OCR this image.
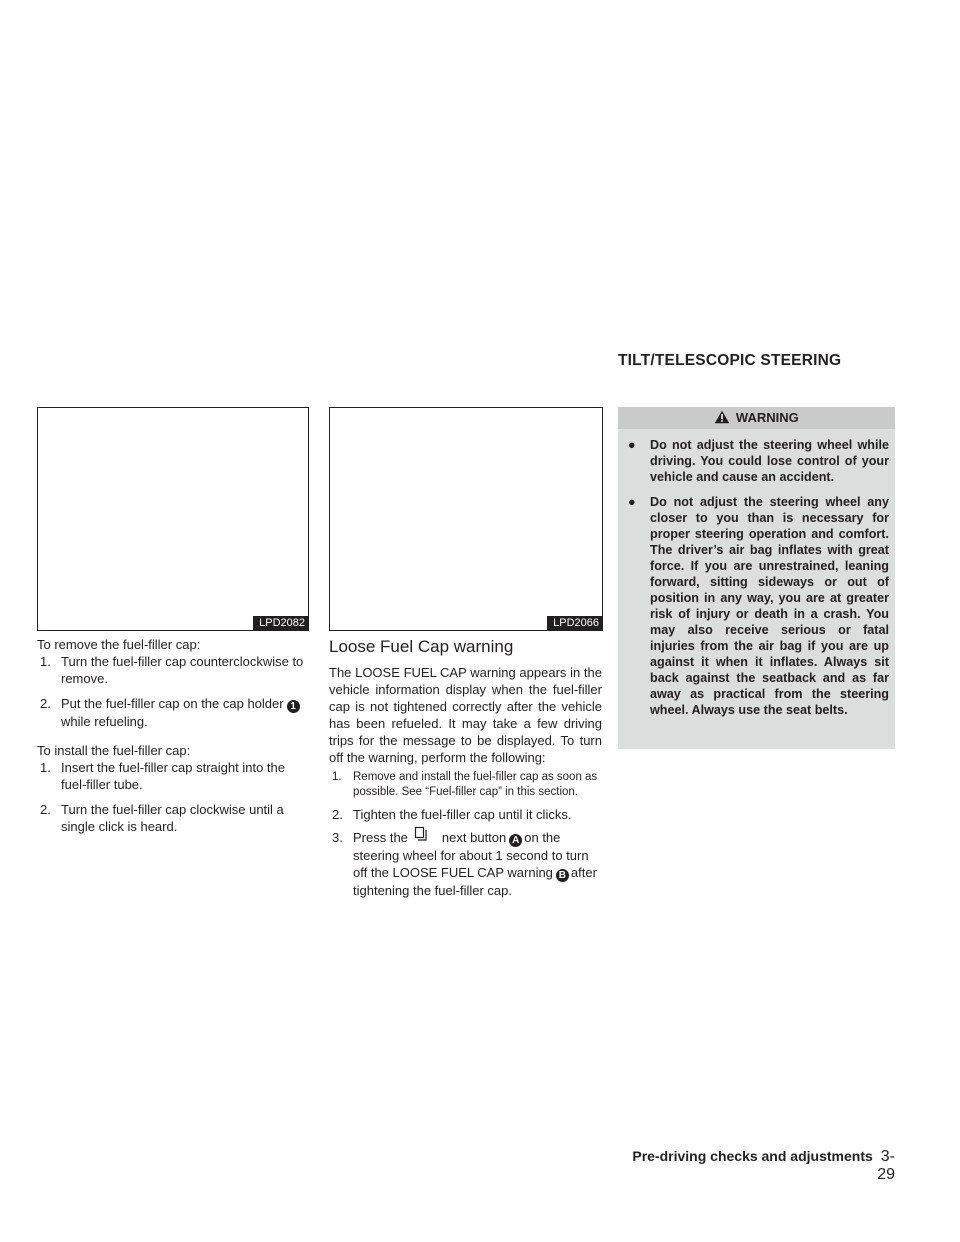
TILT/TELESCOPIC STEERING
LPD2082	LPD2066

To remove the fuel-filler cap:

1. Turn the fuel-filler cap counterclockwise to remove.
2. Put the fuel-filler cap on the cap holder 1while refueling.

To install the fuel-filler cap:

1. Insert the fuel-filler cap straight into the fuel-filler tube.
2. Turn the fuel-filler cap clockwise until a single click is heard.
Loose Fuel Cap warning

The LOOSE FUEL CAP warning appears in the vehicle information display when the fuel-filler cap is not tightened correctly after the vehicle has been refueled. It may take a few driving trips for the message to be displayed. To turn off the warning, perform the following:

1. Remove and install the fuel-filler cap as soon as possible. See “Fuel-filler cap” in this section.
2. Tighten the fuel-filler cap until it clicks.
3. Press the	next button A on the steering wheel for about 1 second to turn off the LOOSE FUEL CAP warning B after tightening the fuel-filler cap.
WARNING
● Do not adjust the steering wheel while driving. You could lose control of your vehicle and cause an accident.
● Do not adjust the steering wheel any closer to you than is necessary for proper steering operation and comfort. The driver’s air bag inflates with great force. If you are unrestrained, leaning forward, sitting sideways or out of position in any way, you are at greater risk of injury or death in a crash. You may also receive serious or fatal injuries from the air bag if you are up against it when it inflates. Always sit back against the seatback and as far away as practical from the steering wheel. Always use the seat belts.
Pre-driving checks and adjustments 3-29
